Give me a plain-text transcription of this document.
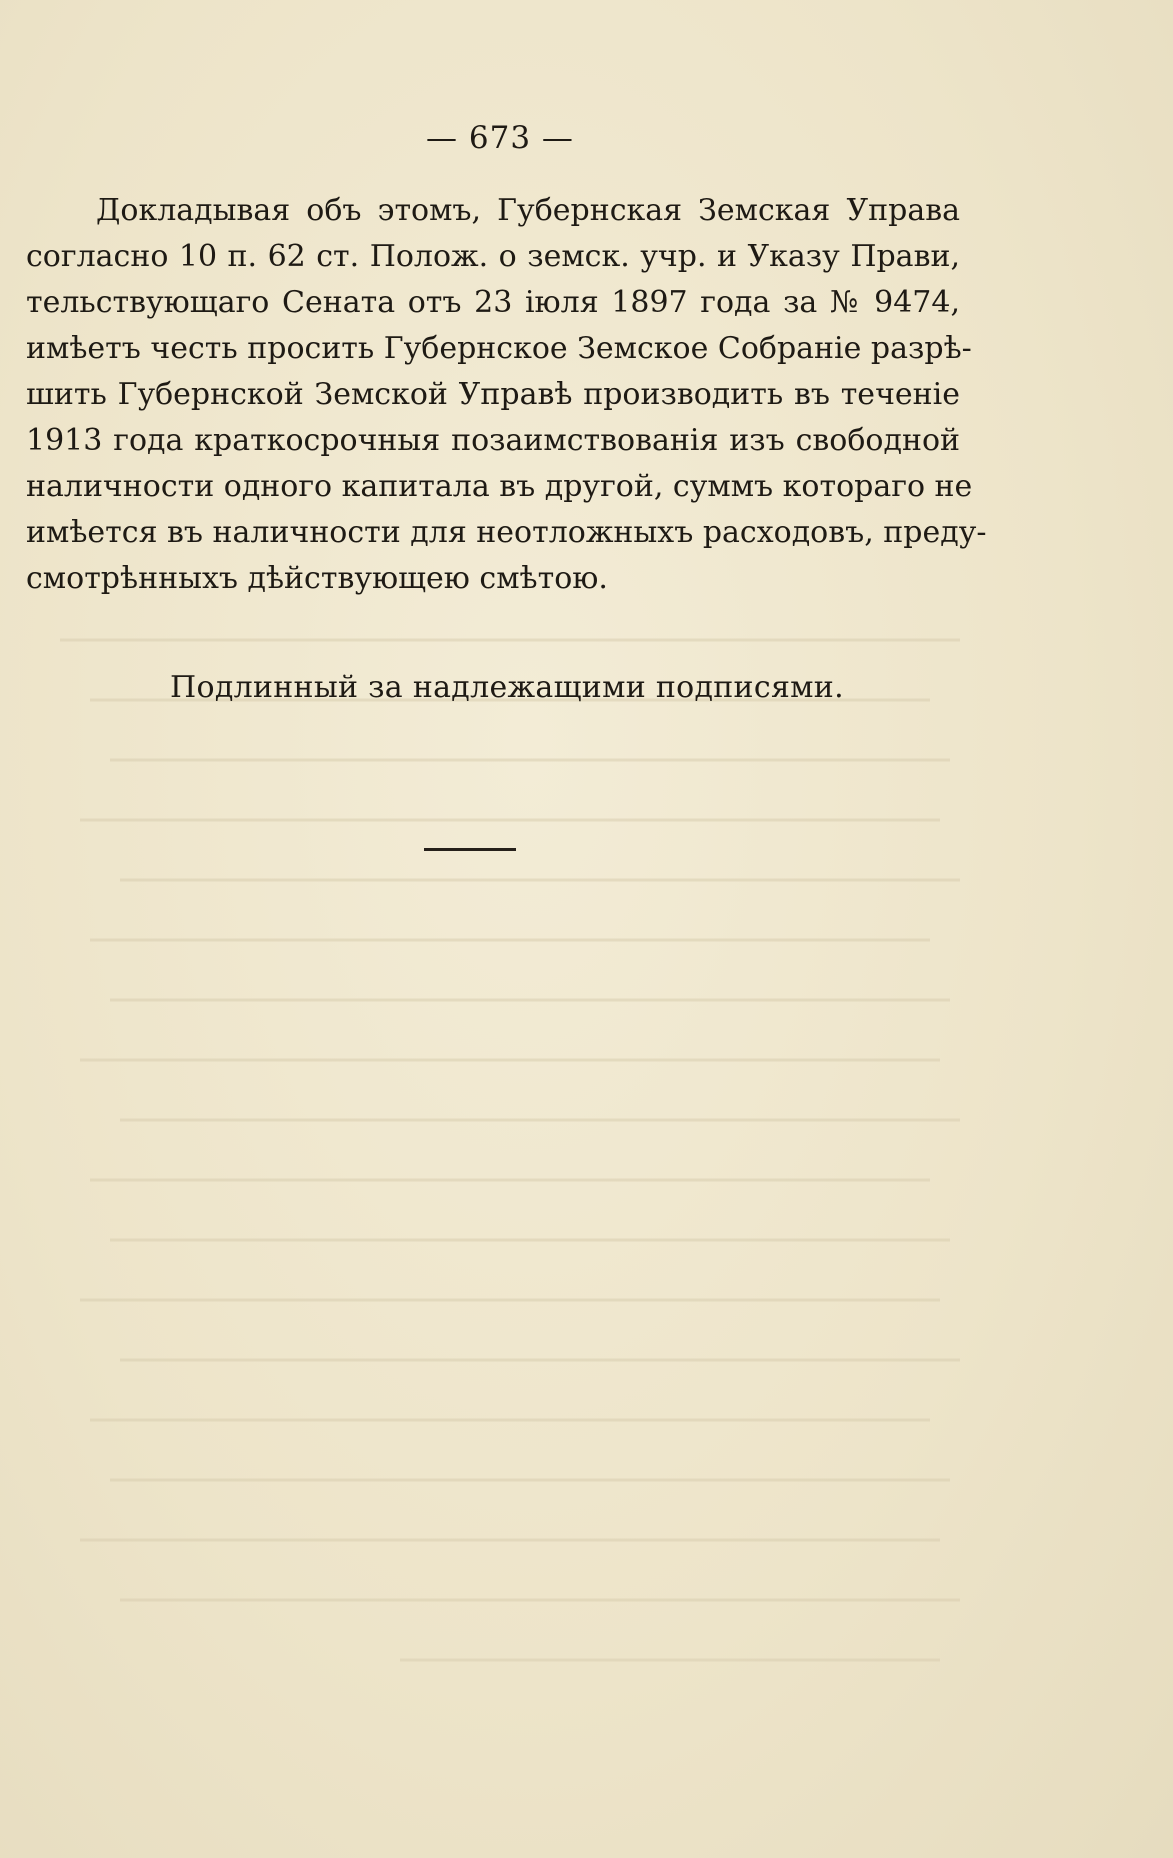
— 673 —

Докладывая объ этомъ, Губернская Земская Управа
согласно 10 п. 62 ст. Полож. о земск. учр. и Указу Прави,
тельствующаго Сената отъ 23 іюля 1897 года за № 9474,
имѣетъ честь просить Губернское Земское Собраніе разрѣ-
шить Губернской Земской Управѣ производить въ теченіе
1913 года краткосрочныя позаимствованія изъ свободной
наличности одного капитала въ другой, суммъ котораго не
имѣется въ наличности для неотложныхъ расходовъ, преду-
смотрѣнныхъ дѣйствующею смѣтою.

Подлинный за надлежащими подписями.
